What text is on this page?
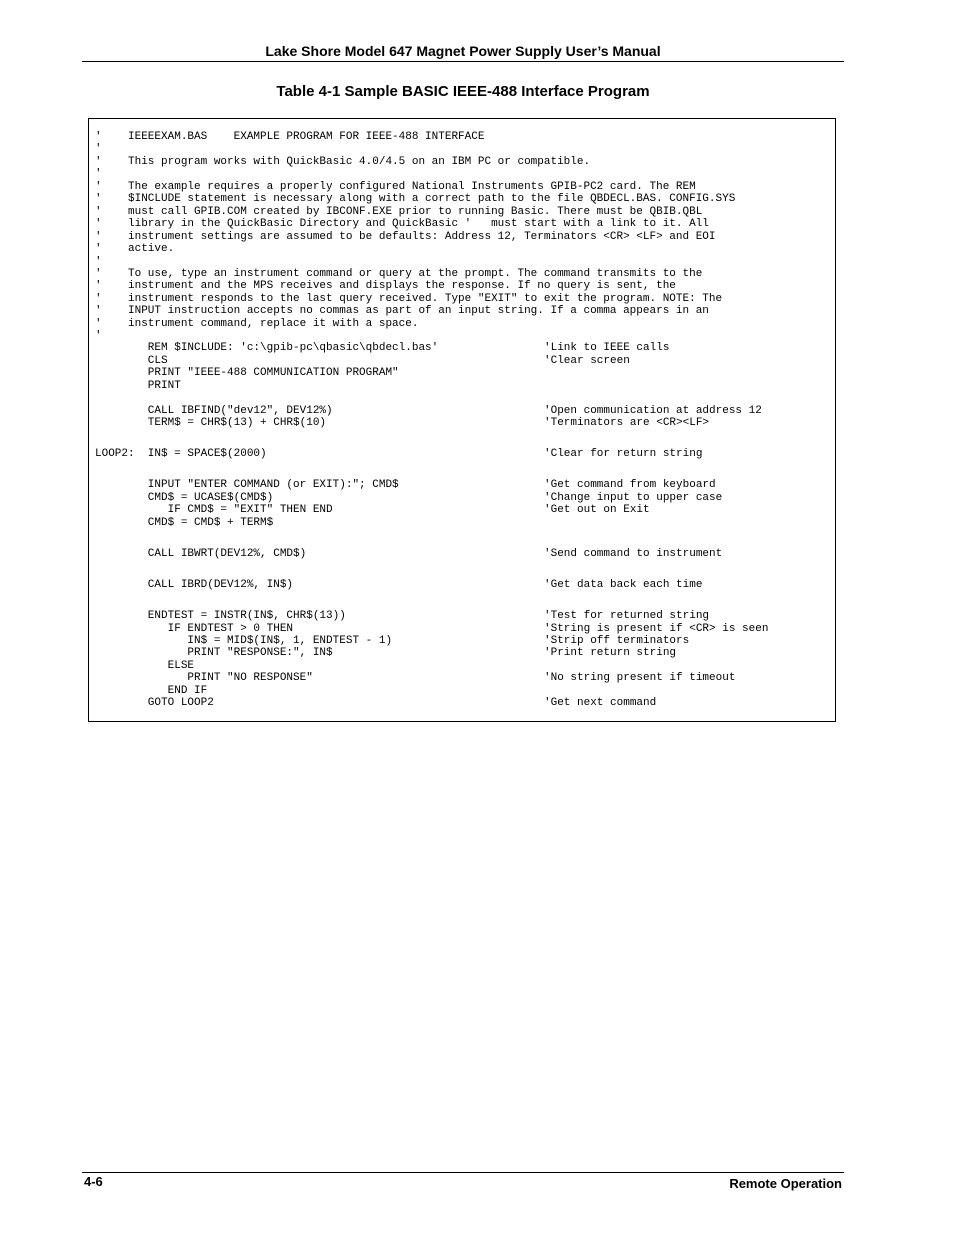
Lake Shore Model 647 Magnet Power Supply User’s Manual
Table 4-1 Sample BASIC IEEE-488 Interface Program
'    IEEEEXAM.BAS    EXAMPLE PROGRAM FOR IEEE-488 INTERFACE
'
'    This program works with QuickBasic 4.0/4.5 on an IBM PC or compatible.
'
'    The example requires a properly configured National Instruments GPIB-PC2 card. The REM
'    $INCLUDE statement is necessary along with a correct path to the file QBDECL.BAS. CONFIG.SYS
'    must call GPIB.COM created by IBCONF.EXE prior to running Basic. There must be QBIB.QBL
'    library in the QuickBasic Directory and QuickBasic '   must start with a link to it. All
'    instrument settings are assumed to be defaults: Address 12, Terminators <CR> <LF> and EOI
'    active.
'
'    To use, type an instrument command or query at the prompt. The command transmits to the
'    instrument and the MPS receives and displays the response. If no query is sent, the
'    instrument responds to the last query received. Type "EXIT" to exit the program. NOTE: The
'    INPUT instruction accepts no commas as part of an input string. If a comma appears in an
'    instrument command, replace it with a space.
'
REM $INCLUDE: 'c:\gpib-pc\qbasic\qbdecl.bas'	'Link to IEEE calls
CLS	'Clear screen
PRINT "IEEE-488 COMMUNICATION PROGRAM"
PRINT
CALL IBFIND("dev12", DEV12%)	'Open communication at address 12
TERM$ = CHR$(13) + CHR$(10)	'Terminators are <CR><LF>
LOOP2:  IN$ = SPACE$(2000)	'Clear for return string
INPUT "ENTER COMMAND (or EXIT):"; CMD$	'Get command from keyboard
CMD$ = UCASE$(CMD$)	'Change input to upper case
IF CMD$ = "EXIT" THEN END	'Get out on Exit
CMD$ = CMD$ + TERM$
CALL IBWRT(DEV12%, CMD$)	'Send command to instrument
CALL IBRD(DEV12%, IN$)	'Get data back each time
ENDTEST = INSTR(IN$, CHR$(13))	'Test for returned string
IF ENDTEST > 0 THEN	'String is present if <CR> is seen
IN$ = MID$(IN$, 1, ENDTEST - 1)	'Strip off terminators
PRINT "RESPONSE:", IN$	'Print return string
ELSE
PRINT "NO RESPONSE"	'No string present if timeout
END IF
GOTO LOOP2	'Get next command
4-6	Remote Operation
